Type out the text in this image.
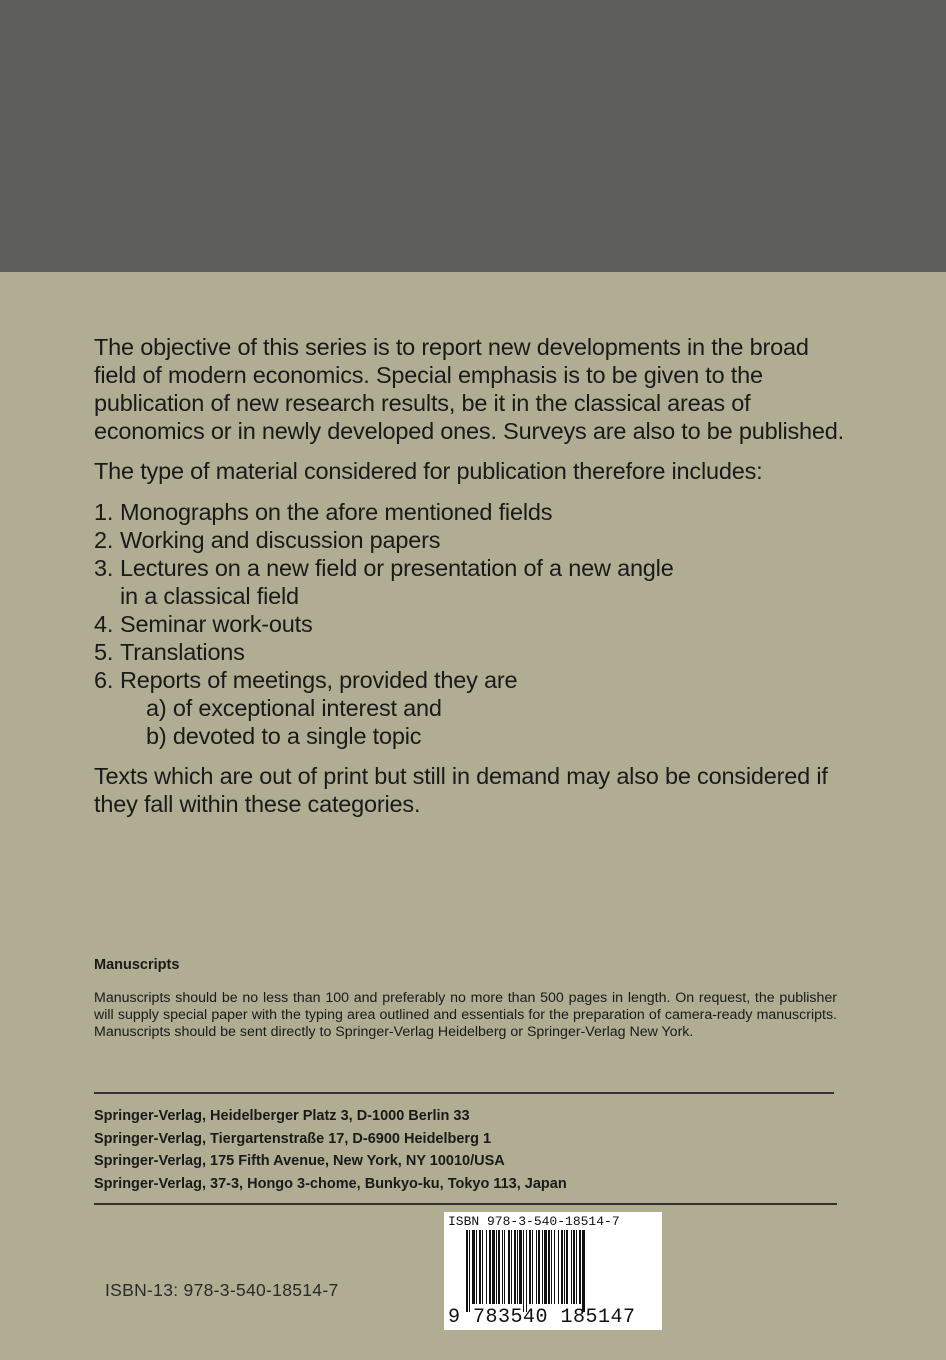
The objective of this series is to report new developments in the broad field of modern economics. Special emphasis is to be given to the publication of new research results, be it in the classical areas of economics or in newly developed ones. Surveys are also to be published.

The type of material considered for publication therefore includes:

1. Monographs on the afore mentioned fields
2. Working and discussion papers
3. Lectures on a new field or presentation of a new angle
in a classical field
4. Seminar work-outs
5. Translations
6. Reports of meetings, provided they are
a) of exceptional interest and
b) devoted to a single topic

Texts which are out of print but still in demand may also be considered if they fall within these categories.

Manuscripts
Manuscripts should be no less than 100 and preferably no more than 500 pages in length. On request, the publisher will supply special paper with the typing area outlined and essentials for the preparation of camera-ready manuscripts. Manuscripts should be sent directly to Springer-Verlag Heidelberg or Springer-Verlag New York.
Springer-Verlag, Heidelberger Platz 3, D-1000 Berlin 33
Springer-Verlag, Tiergartenstraße 17, D-6900 Heidelberg 1
Springer-Verlag, 175 Fifth Avenue, New York, NY 10010/USA
Springer-Verlag, 37-3, Hongo 3-chome, Bunkyo-ku, Tokyo 113, Japan
ISBN-13: 978-3-540-18514-7
ISBN 978-3-540-18514-7
9 783540 185147
